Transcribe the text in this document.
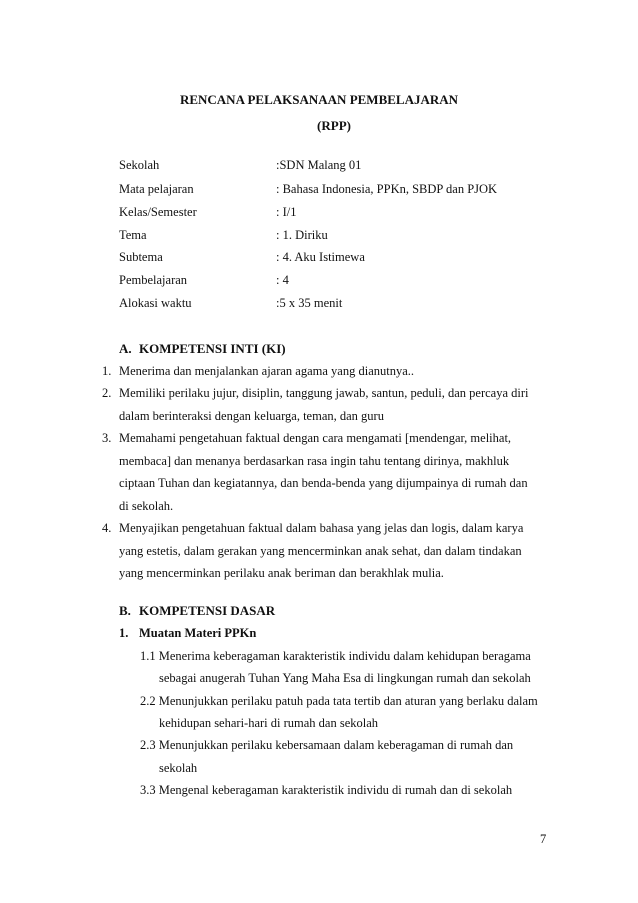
RENCANA PELAKSANAAN PEMBELAJARAN
(RPP)
Sekolah	:SDN Malang 01
Mata pelajaran	: Bahasa Indonesia, PPKn, SBDP dan PJOK
Kelas/Semester	: I/1
Tema	: 1. Diriku
Subtema	: 4. Aku Istimewa
Pembelajaran	: 4
Alokasi waktu	:5 x 35 menit
A. KOMPETENSI INTI (KI)
1. Menerima dan menjalankan ajaran agama yang dianutnya..
2. Memiliki perilaku jujur, disiplin, tanggung jawab, santun, peduli, dan percaya diri
dalam berinteraksi dengan keluarga, teman, dan guru
3. Memahami pengetahuan faktual dengan cara mengamati [mendengar, melihat,
membaca] dan menanya berdasarkan rasa ingin tahu tentang dirinya, makhluk
ciptaan Tuhan dan kegiatannya, dan benda-benda yang dijumpainya di rumah dan
di sekolah.
4. Menyajikan pengetahuan faktual dalam bahasa yang jelas dan logis, dalam karya
yang estetis, dalam gerakan yang mencerminkan anak sehat, dan dalam tindakan
yang mencerminkan perilaku anak beriman dan berakhlak mulia.
B. KOMPETENSI DASAR
1. Muatan Materi PPKn
1.1 Menerima keberagaman karakteristik individu dalam kehidupan beragama
sebagai anugerah Tuhan Yang Maha Esa di lingkungan rumah dan sekolah
2.2 Menunjukkan perilaku patuh pada tata tertib dan aturan yang berlaku dalam
kehidupan sehari-hari di rumah dan sekolah
2.3 Menunjukkan perilaku kebersamaan dalam keberagaman di rumah dan
sekolah
3.3 Mengenal keberagaman karakteristik individu di rumah dan di sekolah
7
